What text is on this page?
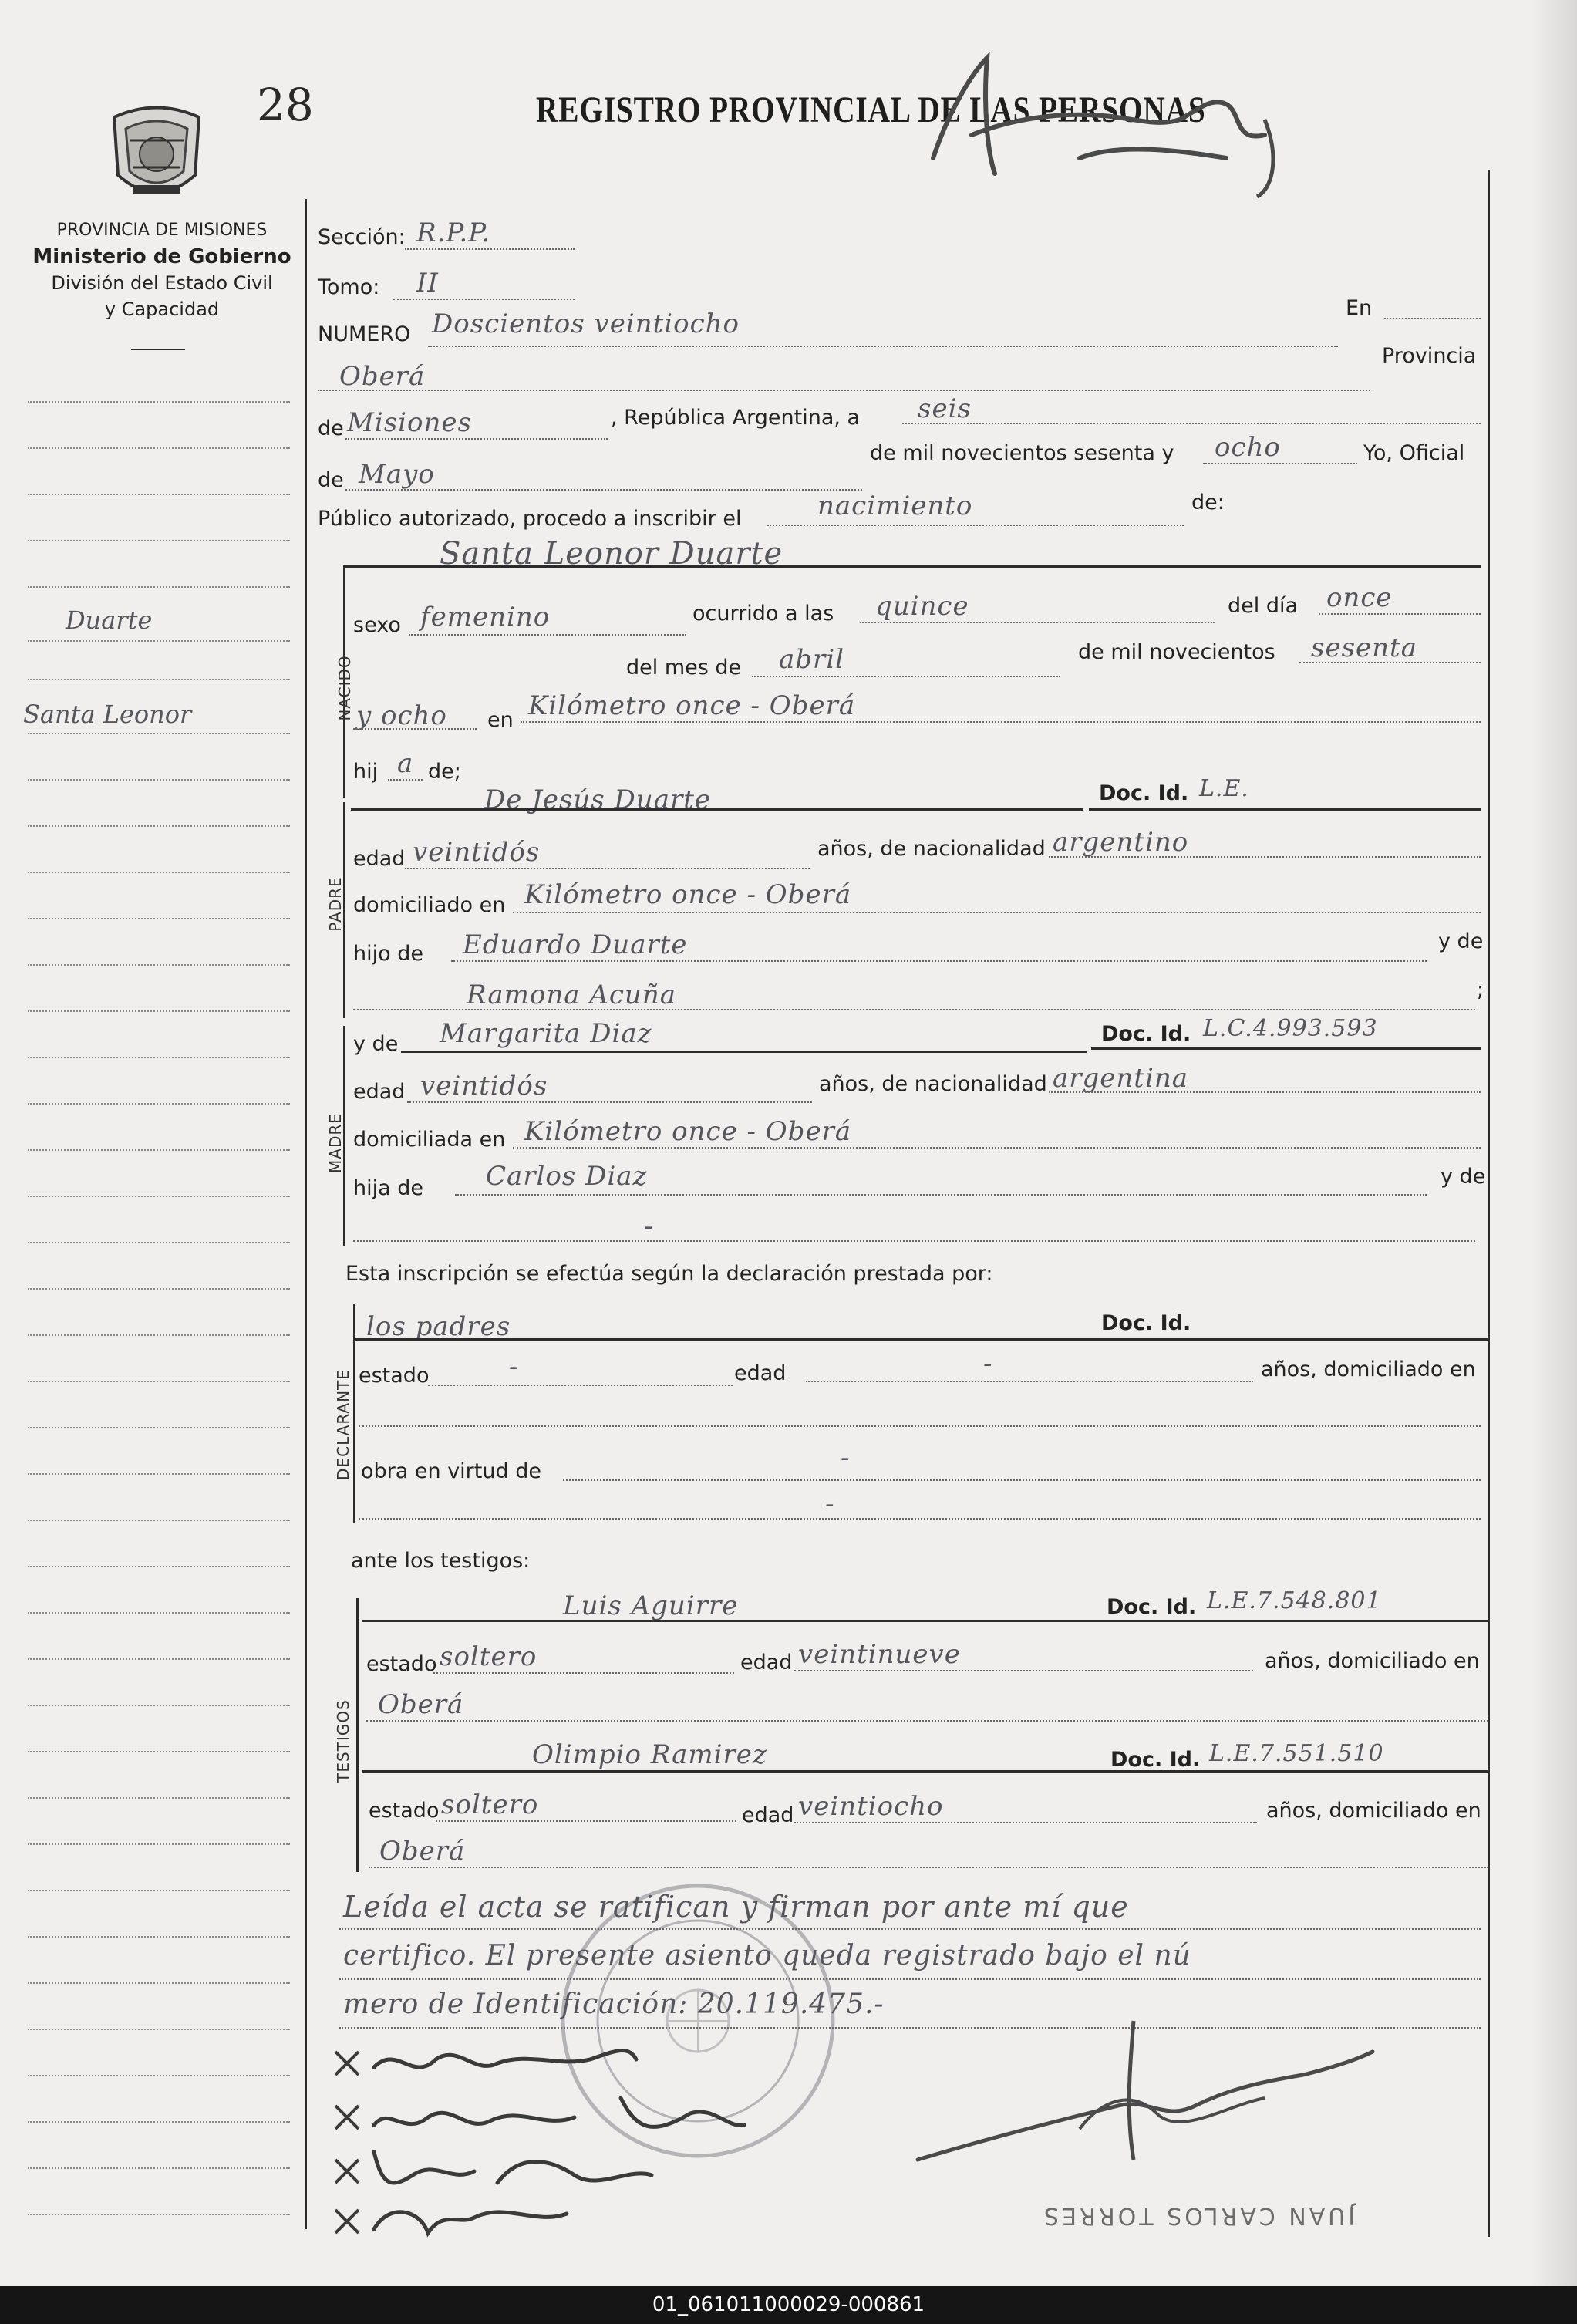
28	REGISTRO PROVINCIAL DE LAS PERSONAS
PROVINCIA DE MISIONES
Ministerio de Gobierno
División del Estado Civil
y Capacidad
Duarte
Santa Leonor
Sección: R.P.P.
Tomo: II
NUMERO Doscientos veintiocho
En
Oberá
Provincia
de Misiones	, República Argentina, a seis
de Mayo
de mil novecientos sesenta y ocho	Yo, Oficial
Público autorizado, procedo a inscribir el	nacimiento	de:
NACIDO
Santa Leonor Duarte
sexo femenino	ocurrido a las quince	del día once
del mes de abril	de mil novecientos sesenta
y ocho en Kilómetro once - Oberá
hij a de;
PADRE
De Jesús Duarte	Doc. Id. L.E.
edad veintidós	años, de nacionalidad argentino
domiciliado en Kilómetro once - Oberá
hijo de Eduardo Duarte	y de
Ramona Acuña	;
MADRE
y de Margarita Diaz	Doc. Id. L.C.4.993.593
edad veintidós	años, de nacionalidad argentina
domiciliada en Kilómetro once - Oberá
hija de Carlos Diaz	y de
-
Esta inscripción se efectúa según la declaración prestada por:
DECLARANTE
los padres	Doc. Id.
estado	-	edad	-	años, domiciliado en
obra en virtud de	-
-
ante los testigos:
TESTIGOS
Luis Aguirre	Doc. Id. L.E.7.548.801
estado soltero	edad veintinueve	años, domiciliado en
Oberá
Olimpio Ramirez	Doc. Id. L.E.7.551.510
estado soltero	edad veintiocho	años, domiciliado en
Oberá
Leída el acta se ratifican y firman por ante mí que
certifico. El presente asiento queda registrado bajo el nú
mero de Identificación: 20.119.475.-
JUAN CARLOS TORRES
01_061011000029-000861
